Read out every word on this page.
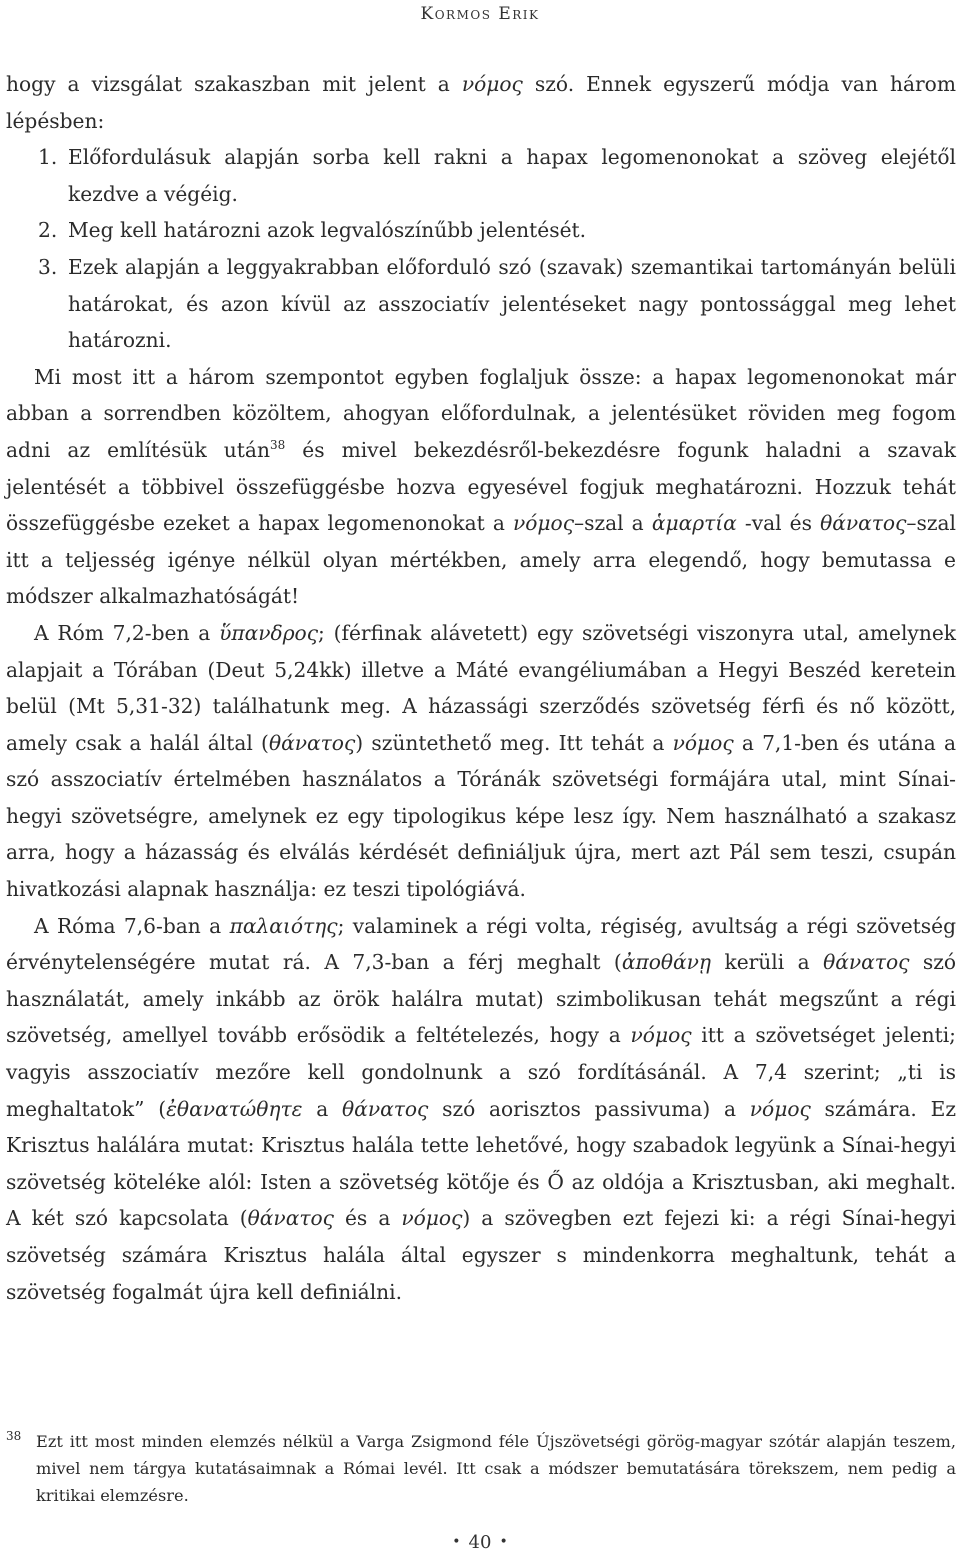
Kormos Erik

hogy a vizsgálat szakaszban mit jelent a νόμος szó. Ennek egyszerű módja van három lépésben:

1. Előfordulásuk alapján sorba kell rakni a hapax legomenonokat a szöveg elejétől kezdve a végéig.

2. Meg kell határozni azok legvalószínűbb jelentését.

3. Ezek alapján a leggyakrabban előforduló szó (szavak) szemantikai tartományán belüli határokat, és azon kívül az asszociatív jelentéseket nagy pontossággal meg lehet határozni.

Mi most itt a három szempontot egyben foglaljuk össze: a hapax legomenonokat már abban a sorrendben közöltem, ahogyan előfordulnak, a jelentésüket röviden meg fogom adni az említésük után$^{38}$ és mivel bekezdésről-bekezdésre fogunk haladni a szavak jelentését a többivel összefüggésbe hozva egyesével fogjuk meghatározni. Hozzuk tehát összefüggésbe ezeket a hapax legomenonokat a νόμος–szal a ἁμαρτία -val és θάνατος–szal itt a teljesség igénye nélkül olyan mértékben, amely arra elegendő, hogy bemutassa e módszer alkalmazhatóságát!

A Róm 7,2-ben a ὕπανδρος; (férfinak alávetett) egy szövetségi viszonyra utal, amelynek alapjait a Tórában (Deut 5,24kk) illetve a Máté evangéliumában a Hegyi Beszéd keretein belül (Mt 5,31-32) találhatunk meg. A házassági szerződés szövetség férfi és nő között, amely csak a halál által (θάνατος) szüntethető meg. Itt tehát a νόμος a 7,1-ben és utána a szó asszociatív értelmében használatos a Tóránák szövetségi formájára utal, mint Sínai-hegyi szövetségre, amelynek ez egy tipologikus képe lesz így. Nem használható a szakasz arra, hogy a házasság és elválás kérdését definiáljuk újra, mert azt Pál sem teszi, csupán hivatkozási alapnak használja: ez teszi tipológiává.

A Róma 7,6-ban a παλαιότης; valaminek a régi volta, régiség, avultság a régi szövetség érvénytelenségére mutat rá. A 7,3-ban a férj meghalt (ἀποθάνῃ kerüli a θάνατος szó használatát, amely inkább az örök halálra mutat) szimbolikusan tehát megszűnt a régi szövetség, amellyel tovább erősödik a feltételezés, hogy a νόμος itt a szövetséget jelenti; vagyis asszociatív mezőre kell gondolnunk a szó fordításánál. A 7,4 szerint; „ti is meghaltatok” (ἐθανατώθητε a θάνατος szó aorisztos passivuma) a νόμος számára. Ez Krisztus halálára mutat: Krisztus halála tette lehetővé, hogy szabadok legyünk a Sínai-hegyi szövetség köteléke alól: Isten a szövetség kötője és Ő az oldója a Krisztusban, aki meghalt. A két szó kapcsolata (θάνατος és a νόμος) a szövegben ezt fejezi ki: a régi Sínai-hegyi szövetség számára Krisztus halála által egyszer s mindenkorra meghaltunk, tehát a szövetség fogalmát újra kell definiálni.

38 Ezt itt most minden elemzés nélkül a Varga Zsigmond féle Újszövetségi görög-magyar szótár alapján teszem, mivel nem tárgya kutatásaimnak a Római levél. Itt csak a módszer bemutatására törekszem, nem pedig a kritikai elemzésre.
• 40 •
